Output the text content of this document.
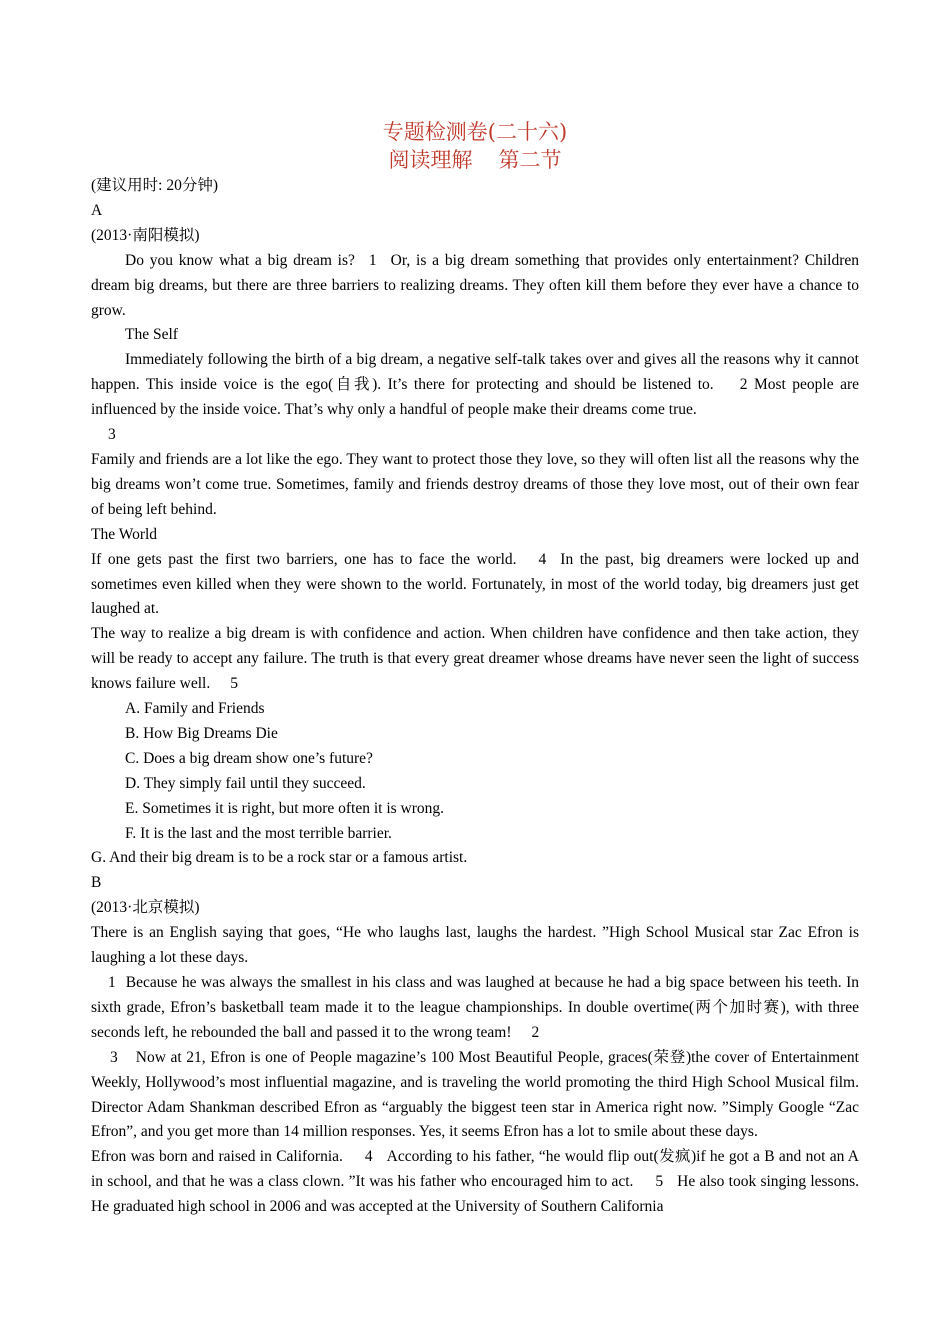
专题检测卷(二十六)
阅读理解 第二节

(建议用时: 20分钟)

A

(2013·南阳模拟)

Do you know what a big dream is? 1 Or, is a big dream something that provides only entertainment? Children dream big dreams, but there are three barriers to realizing dreams. They often kill them before they ever have a chance to grow.

The Self

Immediately following the birth of a big dream, a negative self-talk takes over and gives all the reasons why it cannot happen. This inside voice is the ego(自我). It’s there for protecting and should be listened to. 2 Most people are influenced by the inside voice. That’s why only a handful of people make their dreams come true.

3

Family and friends are a lot like the ego. They want to protect those they love, so they will often list all the reasons why the big dreams won’t come true. Sometimes, family and friends destroy dreams of those they love most, out of their own fear of being left behind.

The World

If one gets past the first two barriers, one has to face the world. 4 In the past, big dreamers were locked up and sometimes even killed when they were shown to the world. Fortunately, in most of the world today, big dreamers just get laughed at.

The way to realize a big dream is with confidence and action. When children have confidence and then take action, they will be ready to accept any failure. The truth is that every great dreamer whose dreams have never seen the light of success knows failure well. 5

A. Family and Friends

B. How Big Dreams Die

C. Does a big dream show one’s future?

D. They simply fail until they succeed.

E. Sometimes it is right, but more often it is wrong.

F. It is the last and the most terrible barrier.

G. And their big dream is to be a rock star or a famous artist.

B

(2013·北京模拟)

There is an English saying that goes, “He who laughs last, laughs the hardest. ”High School Musical star Zac Efron is laughing a lot these days.

1 Because he was always the smallest in his class and was laughed at because he had a big space between his teeth. In sixth grade, Efron’s basketball team made it to the league championships. In double overtime(两个加时赛), with three seconds left, he rebounded the ball and passed it to the wrong team! 2

3 Now at 21, Efron is one of People magazine’s 100 Most Beautiful People, graces(荣登)the cover of Entertainment Weekly, Hollywood’s most influential magazine, and is traveling the world promoting the third High School Musical film. Director Adam Shankman described Efron as “arguably the biggest teen star in America right now. ”Simply Google “Zac Efron”, and you get more than 14 million responses. Yes, it seems Efron has a lot to smile about these days.

Efron was born and raised in California. 4 According to his father, “he would flip out(发疯)if he got a B and not an A in school, and that he was a class clown. ”It was his father who encouraged him to act. 5 He also took singing lessons. He graduated high school in 2006 and was accepted at the University of Southern California
